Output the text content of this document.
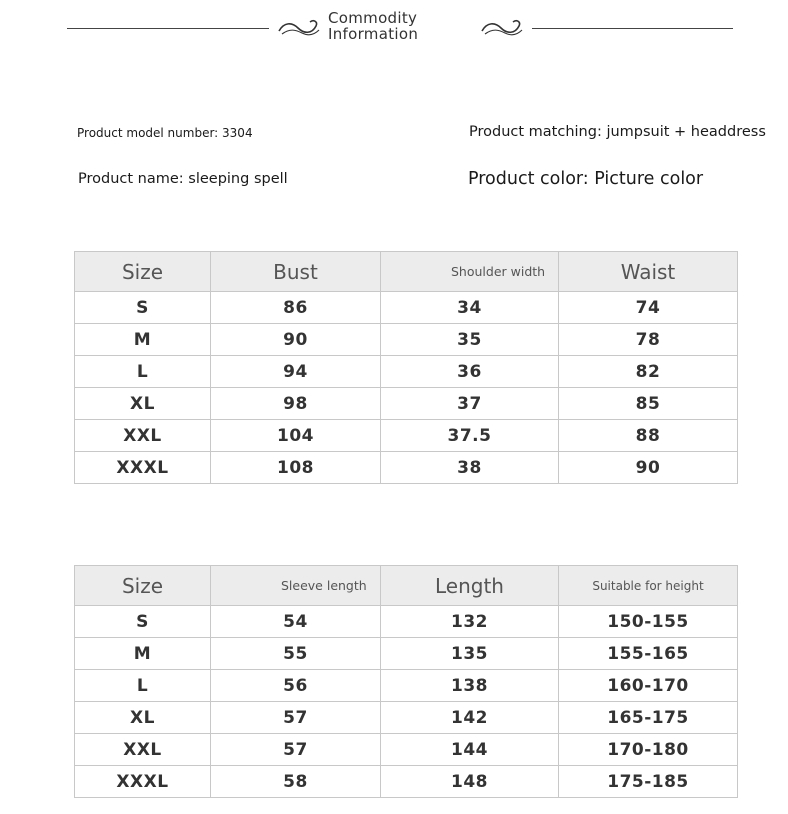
Commodity
Information
Product model number: 3304	Product matching: jumpsuit + headdress
Product name: sleeping spell	Product color: Picture color
Size	Bust	Shoulder width	Waist
S	86	34	74
M	90	35	78
L	94	36	82
XL	98	37	85
XXL	104	37.5	88
XXXL	108	38	90
Size	Sleeve length	Length	Suitable for height
S	54	132	150-155
M	55	135	155-165
L	56	138	160-170
XL	57	142	165-175
XXL	57	144	170-180
XXXL	58	148	175-185
